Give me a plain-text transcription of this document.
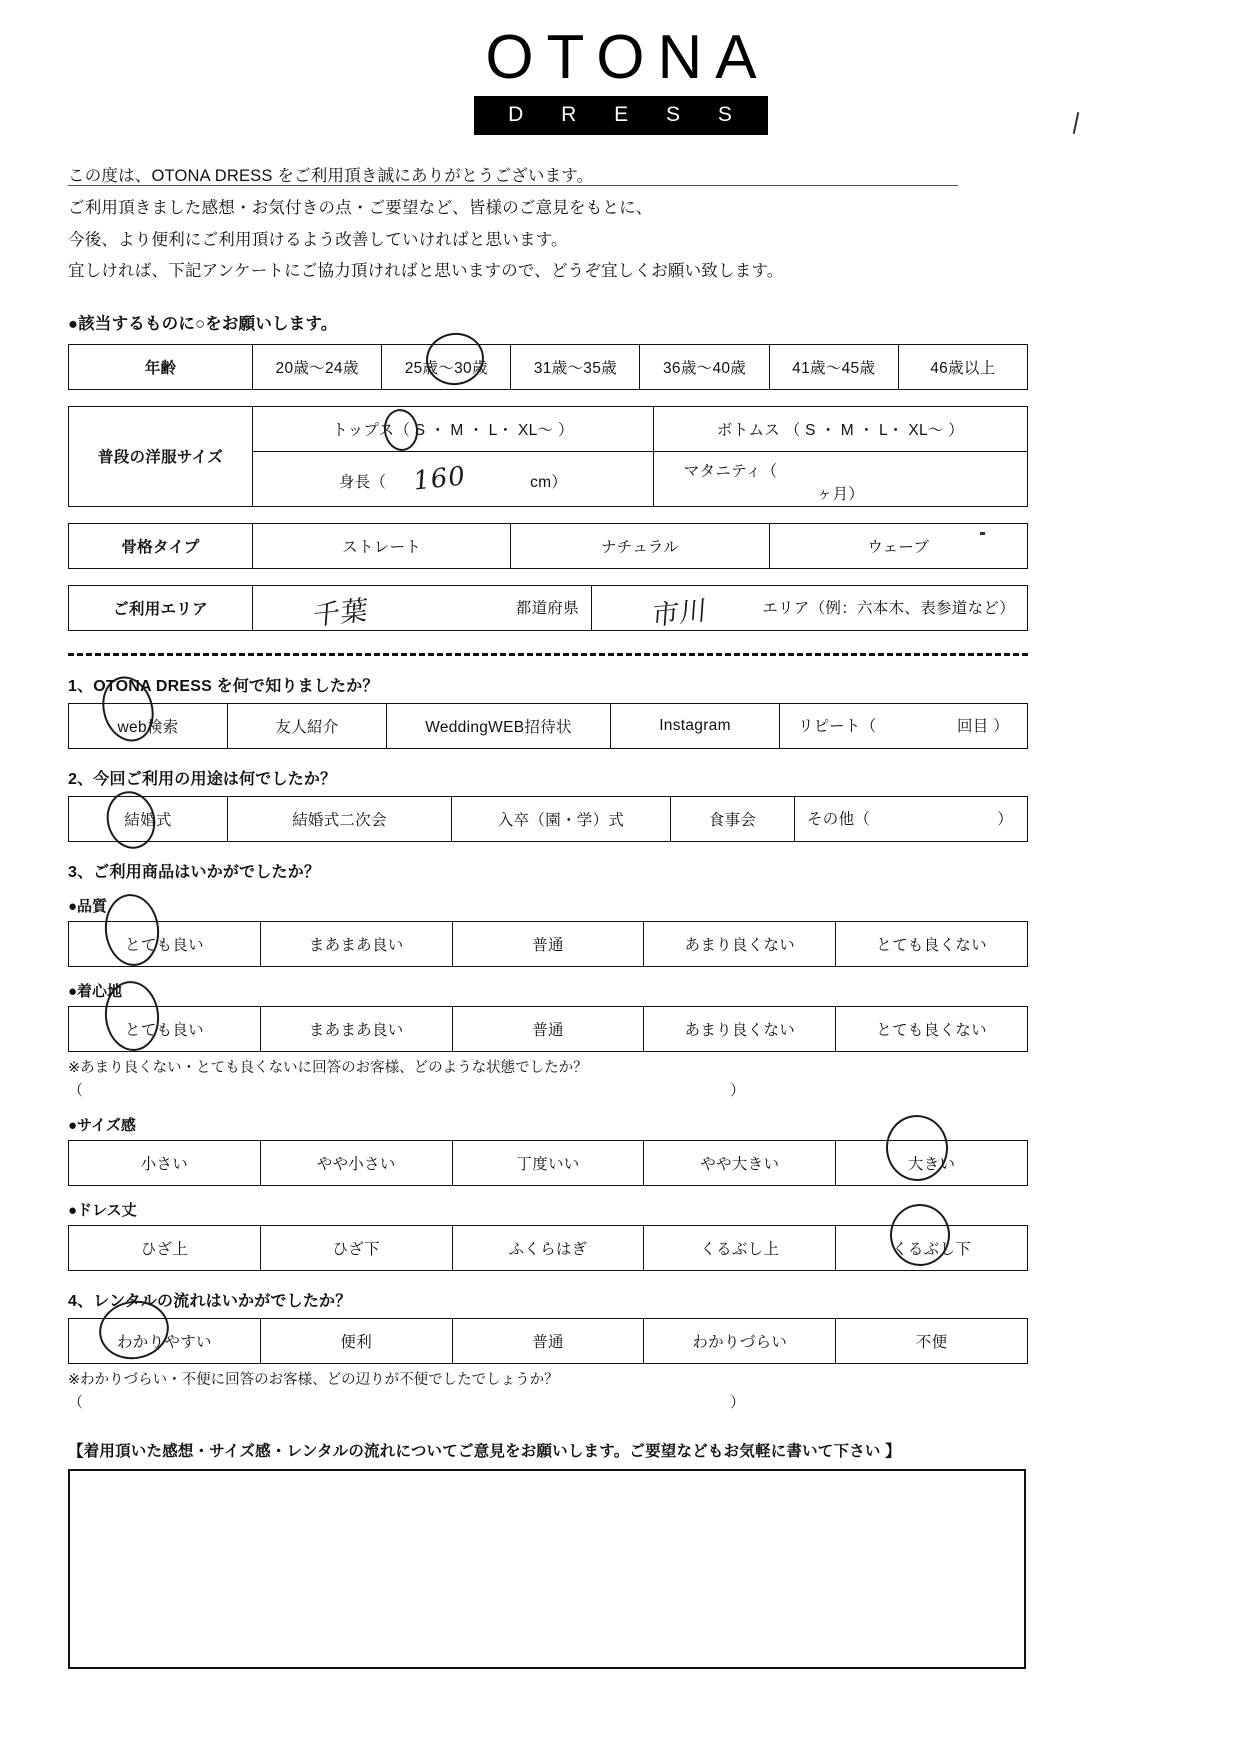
OTONA
D R E S S
この度は、OTONA DRESS をご利用頂き誠にありがとうございます。
ご利用頂きました感想・お気付きの点・ご要望など、皆様のご意見をもとに、
今後、より便利にご利用頂けるよう改善していければと思います。
宜しければ、下記アンケートにご協力頂ければと思いますので、どうぞ宜しくお願い致します。
●該当するものに○をお願いします。
年齢	20歳〜24歳	25歳〜30歳	31歳〜35歳	36歳〜40歳	41歳〜45歳	46歳以上
普段の洋服サイズ	トップス（ S ・ M ・ L・ XL〜 ）	ボトムス （ S ・ M ・ L・ XL〜 ）
	身長（ 160 cm）	マタニティ（ ヶ月）
骨格タイプ	ストレート	ナチュラル	ウェーブ
ご利用エリア	千葉	都道府県	市川	エリア（例：六本木、表参道など）
1、OTONA DRESS を何で知りましたか？
web検索	友人紹介	WeddingWEB招待状	Instagram	リピート（	回目 ）
2、今回ご利用の用途は何でしたか？
結婚式	結婚式二次会	入卒（園・学）式	食事会	その他（	）
3、ご利用商品はいかがでしたか？
●品質
とても良い	まあまあ良い	普通	あまり良くない	とても良くない
●着心地
とても良い	まあまあ良い	普通	あまり良くない	とても良くない
※あまり良くない・とても良くないに回答のお客様、どのような状態でしたか？
（	）
●サイズ感
小さい	やや小さい	丁度いい	やや大きい	大きい
●ドレス丈
ひざ上	ひざ下	ふくらはぎ	くるぶし上	くるぶし下
4、レンタルの流れはいかがでしたか？
わかりやすい	便利	普通	わかりづらい	不便
※わかりづらい・不便に回答のお客様、どの辺りが不便でしたでしょうか？
（	）
【着用頂いた感想・サイズ感・レンタルの流れについてご意見をお願いします。ご要望などもお気軽に書いて下さい 】
